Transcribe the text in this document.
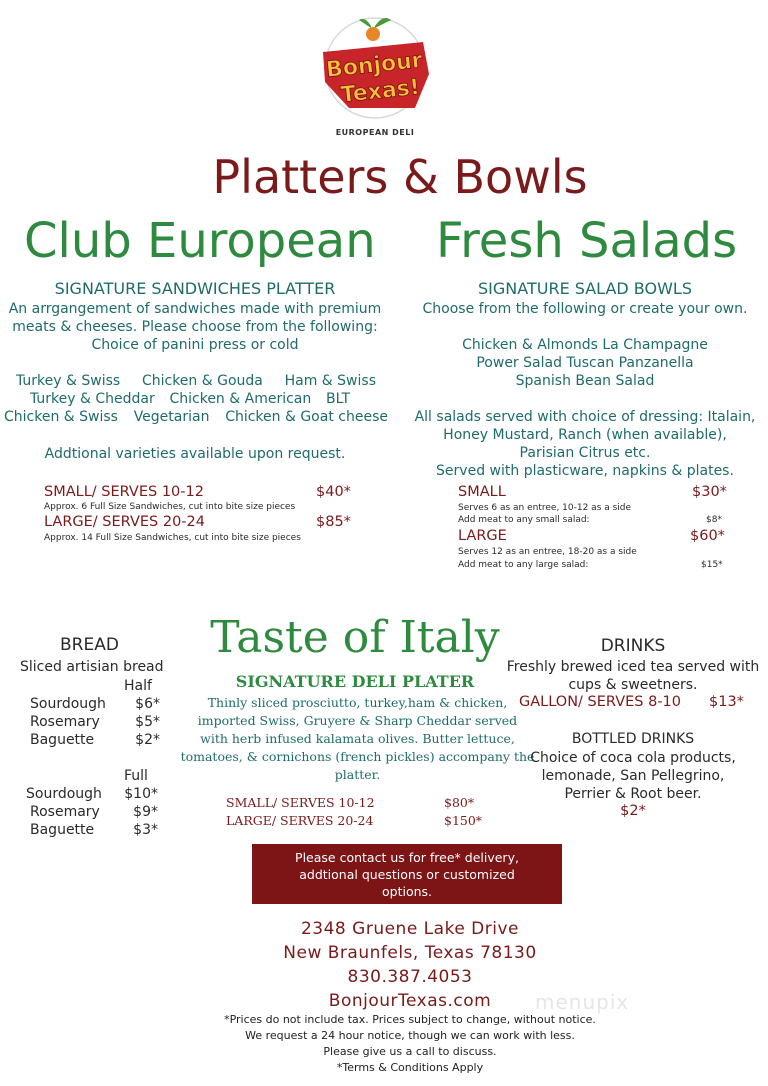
Bonjour
Texas!
EUROPEAN DELI
Platters & Bowls
Club European
SIGNATURE SANDWICHES PLATTER
An arrgangement of sandwiches made with premium
meats & cheeses. Please choose from the following:
Choice of panini press or cold
Turkey & Swiss Chicken & Gouda Ham & Swiss
Turkey & Cheddar Chicken & American BLT
Chicken & Swiss Vegetarian Chicken & Goat cheese
Addtional varieties available upon request.
SMALL/ SERVES 10-12	$40*
Approx. 6 Full Size Sandwiches, cut into bite size pieces
LARGE/ SERVES 20-24	$85*
Approx. 14 Full Size Sandwiches, cut into bite size pieces
Fresh Salads
SIGNATURE SALAD BOWLS
Choose from the following or create your own.
Chicken & Almonds La Champagne
Power Salad Tuscan Panzanella
Spanish Bean Salad
All salads served with choice of dressing: Italain,
Honey Mustard, Ranch (when available),
Parisian Citrus etc.
Served with plasticware, napkins & plates.
SMALL	$30*
Serves 6 as an entree, 10-12 as a side
Add meat to any small salad:	$8*
LARGE	$60*
Serves 12 as an entree, 18-20 as a side
Add meat to any large salad:	$15*
BREAD
Sliced artisian bread
Half
Sourdough $6*
Rosemary	$5*
Baguette	$2*
Full
Sourdough $10*
Rosemary $9*
Baguette	$3*
Taste of Italy
SIGNATURE DELI PLATER
Thinly sliced prosciutto, turkey,ham & chicken,
imported Swiss, Gruyere & Sharp Cheddar served
with herb infused kalamata olives. Butter lettuce,
tomatoes, & cornichons (french pickles) accompany the
platter.
SMALL/ SERVES 10-12	$80*
LARGE/ SERVES 20-24	$150*
DRINKS
Freshly brewed iced tea served with
cups & sweetners.
GALLON/ SERVES 8-10 $13*
BOTTLED DRINKS
Choice of coca cola products,
lemonade, San Pellegrino,
Perrier & Root beer.
$2*
Please contact us for free* delivery,
addtional questions or customized
options.
2348 Gruene Lake Drive
New Braunfels, Texas 78130
830.387.4053
BonjourTexas.com
*Prices do not include tax. Prices subject to change, without notice.
We request a 24 hour notice, though we can work with less.
Please give us a call to discuss.
*Terms & Conditions Apply
menupix
